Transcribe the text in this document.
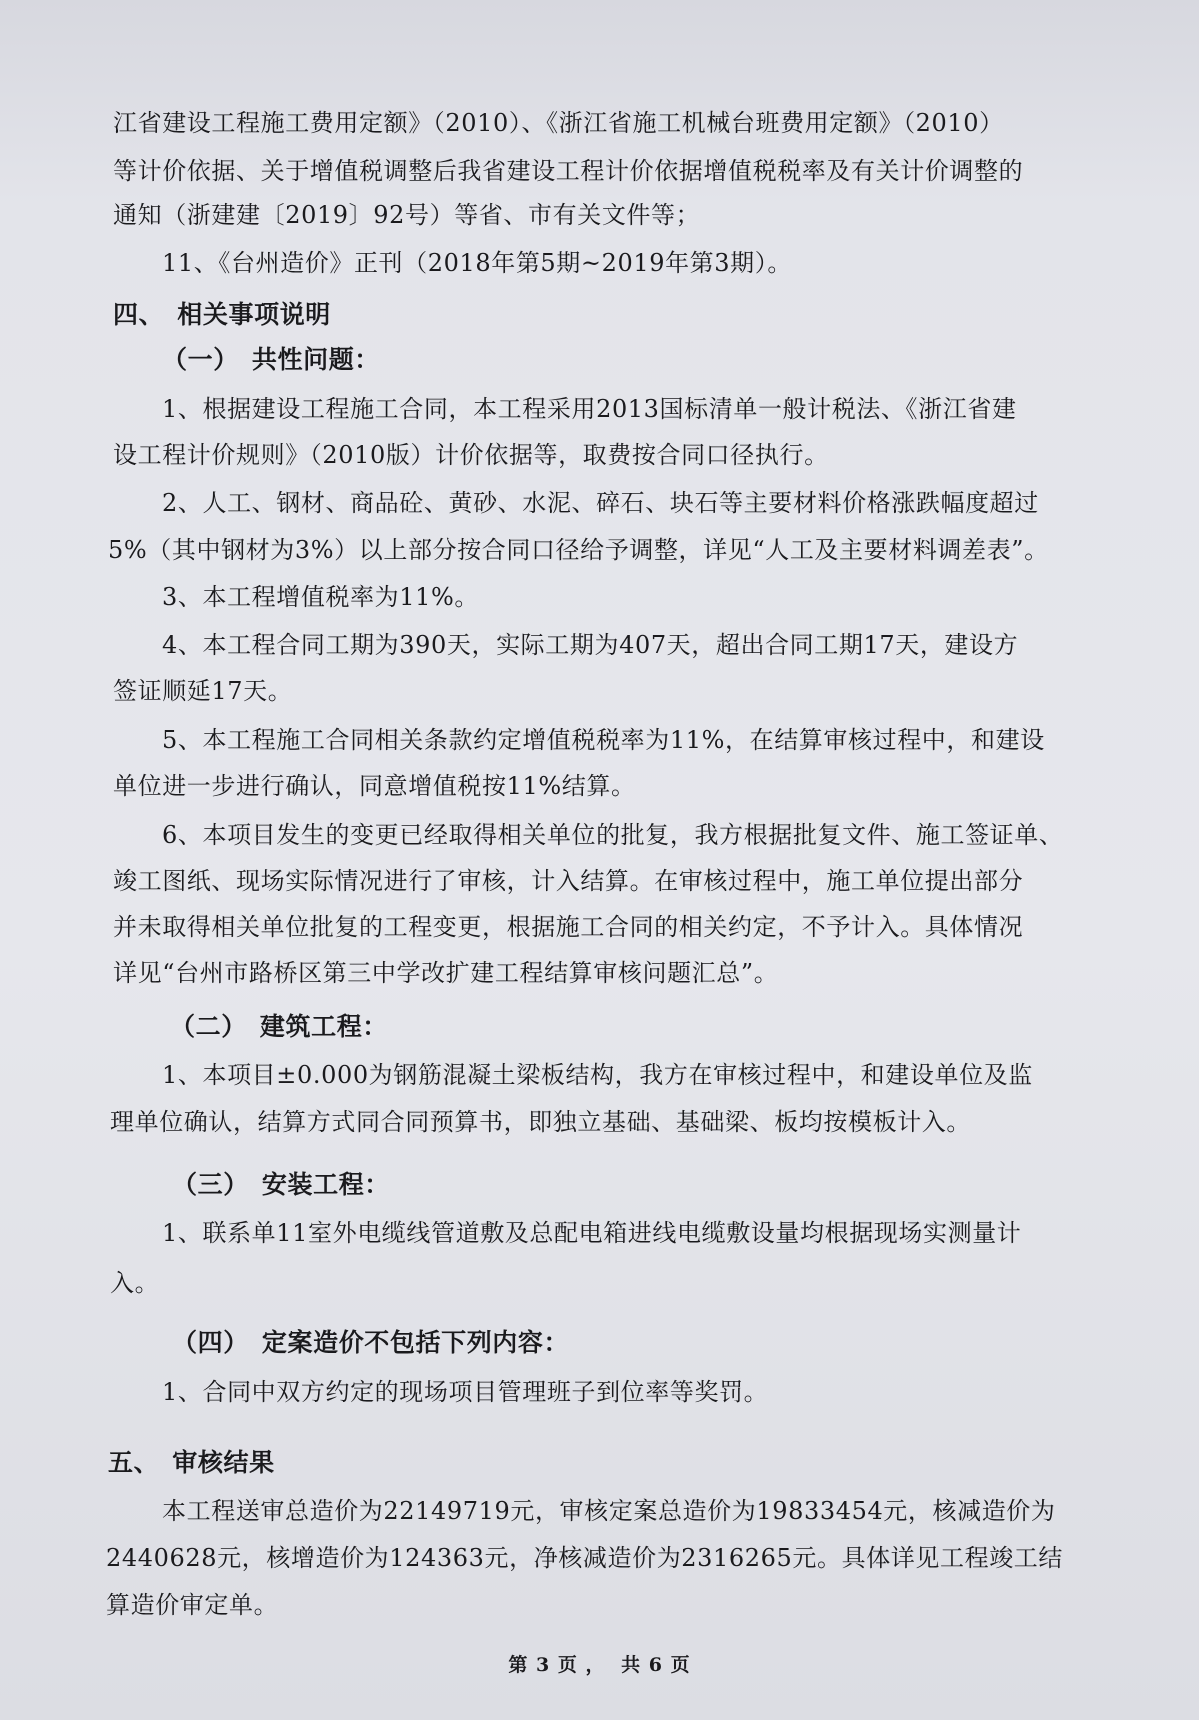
江省建设工程施工费用定额》（2010）、《浙江省施工机械台班费用定额》（2010）
等计价依据、关于增值税调整后我省建设工程计价依据增值税税率及有关计价调整的
通知（浙建建〔2019〕92号）等省、市有关文件等；
11、《台州造价》正刊（2018年第5期~2019年第3期）。
四、　相关事项说明
（一）　共性问题：
1、根据建设工程施工合同，本工程采用2013国标清单一般计税法、《浙江省建
设工程计价规则》（2010版）计价依据等，取费按合同口径执行。
2、人工、钢材、商品砼、黄砂、水泥、碎石、块石等主要材料价格涨跌幅度超过
5%（其中钢材为3%）以上部分按合同口径给予调整，详见“人工及主要材料调差表”。
3、本工程增值税率为11%。
4、本工程合同工期为390天，实际工期为407天，超出合同工期17天，建设方
签证顺延17天。
5、本工程施工合同相关条款约定增值税税率为11%，在结算审核过程中，和建设
单位进一步进行确认，同意增值税按11%结算。
6、本项目发生的变更已经取得相关单位的批复，我方根据批复文件、施工签证单、
竣工图纸、现场实际情况进行了审核，计入结算。在审核过程中，施工单位提出部分
并未取得相关单位批复的工程变更，根据施工合同的相关约定，不予计入。具体情况
详见“台州市路桥区第三中学改扩建工程结算审核问题汇总”。
（二）　建筑工程：
1、本项目±0.000为钢筋混凝土梁板结构，我方在审核过程中，和建设单位及监
理单位确认，结算方式同合同预算书，即独立基础、基础梁、板均按模板计入。
（三）　安装工程：
1、联系单11室外电缆线管道敷及总配电箱进线电缆敷设量均根据现场实测量计
入。
（四）　定案造价不包括下列内容：
1、合同中双方约定的现场项目管理班子到位率等奖罚。
五、　审核结果
本工程送审总造价为22149719元，审核定案总造价为19833454元，核减造价为
2440628元，核增造价为124363元，净核减造价为2316265元。具体详见工程竣工结
算造价审定单。
第 3 页 ， 共 6 页
